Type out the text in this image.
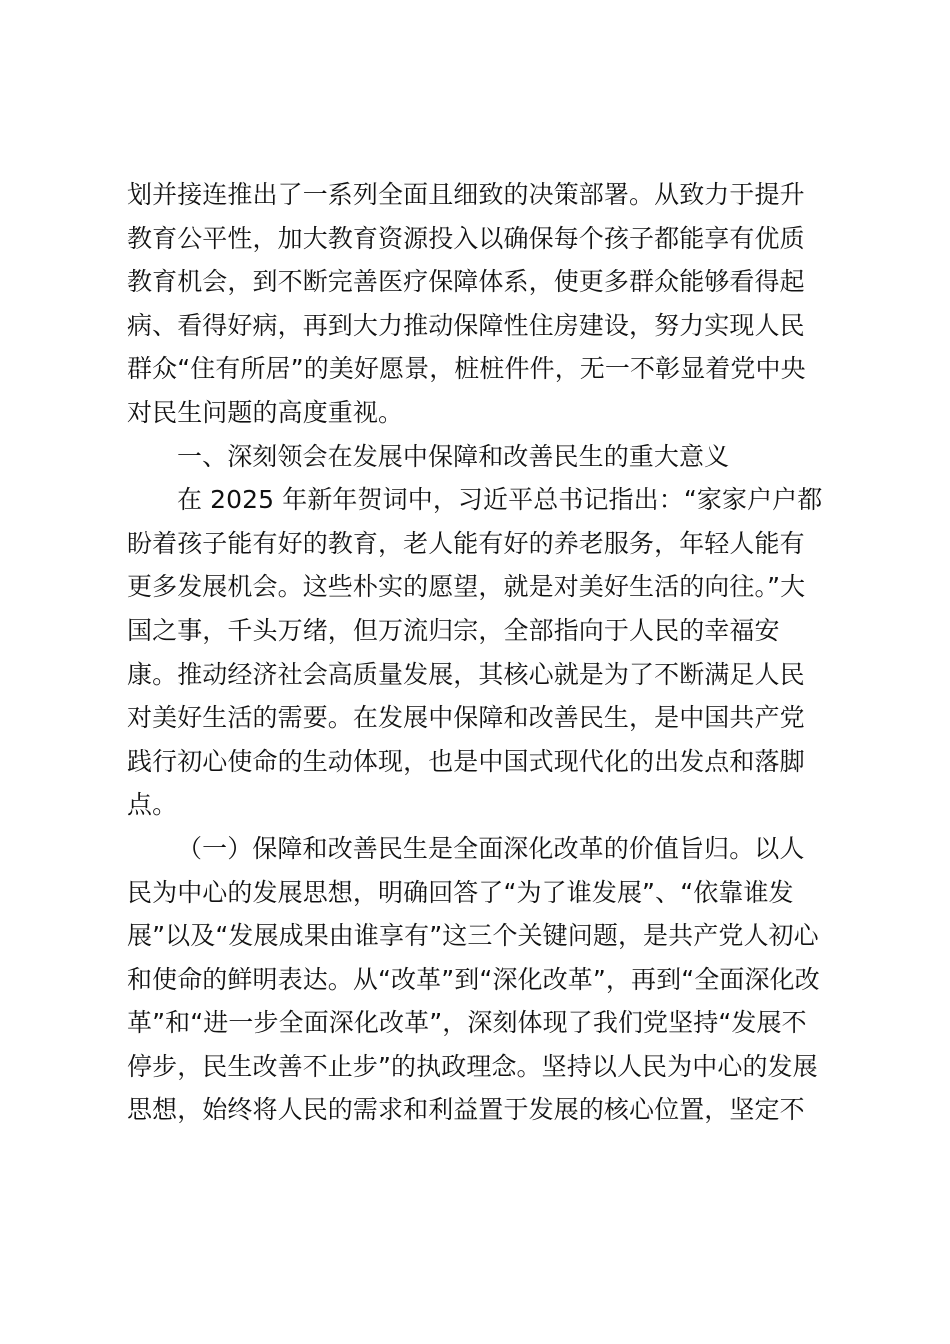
划并接连推出了一系列全面且细致的决策部署。从致力于提升
教育公平性，加大教育资源投入以确保每个孩子都能享有优质
教育机会，到不断完善医疗保障体系，使更多群众能够看得起
病、看得好病，再到大力推动保障性住房建设，努力实现人民
群众“住有所居”的美好愿景，桩桩件件，无一不彰显着党中央
对民生问题的高度重视。
一、深刻领会在发展中保障和改善民生的重大意义
在 2025 年新年贺词中，习近平总书记指出：“家家户户都
盼着孩子能有好的教育，老人能有好的养老服务，年轻人能有
更多发展机会。这些朴实的愿望，就是对美好生活的向往。”大
国之事，千头万绪，但万流归宗，全部指向于人民的幸福安
康。推动经济社会高质量发展，其核心就是为了不断满足人民
对美好生活的需要。在发展中保障和改善民生，是中国共产党
践行初心使命的生动体现，也是中国式现代化的出发点和落脚
点。
（一）保障和改善民生是全面深化改革的价值旨归。以人
民为中心的发展思想，明确回答了“为了谁发展”、“依靠谁发
展”以及“发展成果由谁享有”这三个关键问题，是共产党人初心
和使命的鲜明表达。从“改革”到“深化改革”，再到“全面深化改
革”和“进一步全面深化改革”，深刻体现了我们党坚持“发展不
停步，民生改善不止步”的执政理念。坚持以人民为中心的发展
思想，始终将人民的需求和利益置于发展的核心位置，坚定不
